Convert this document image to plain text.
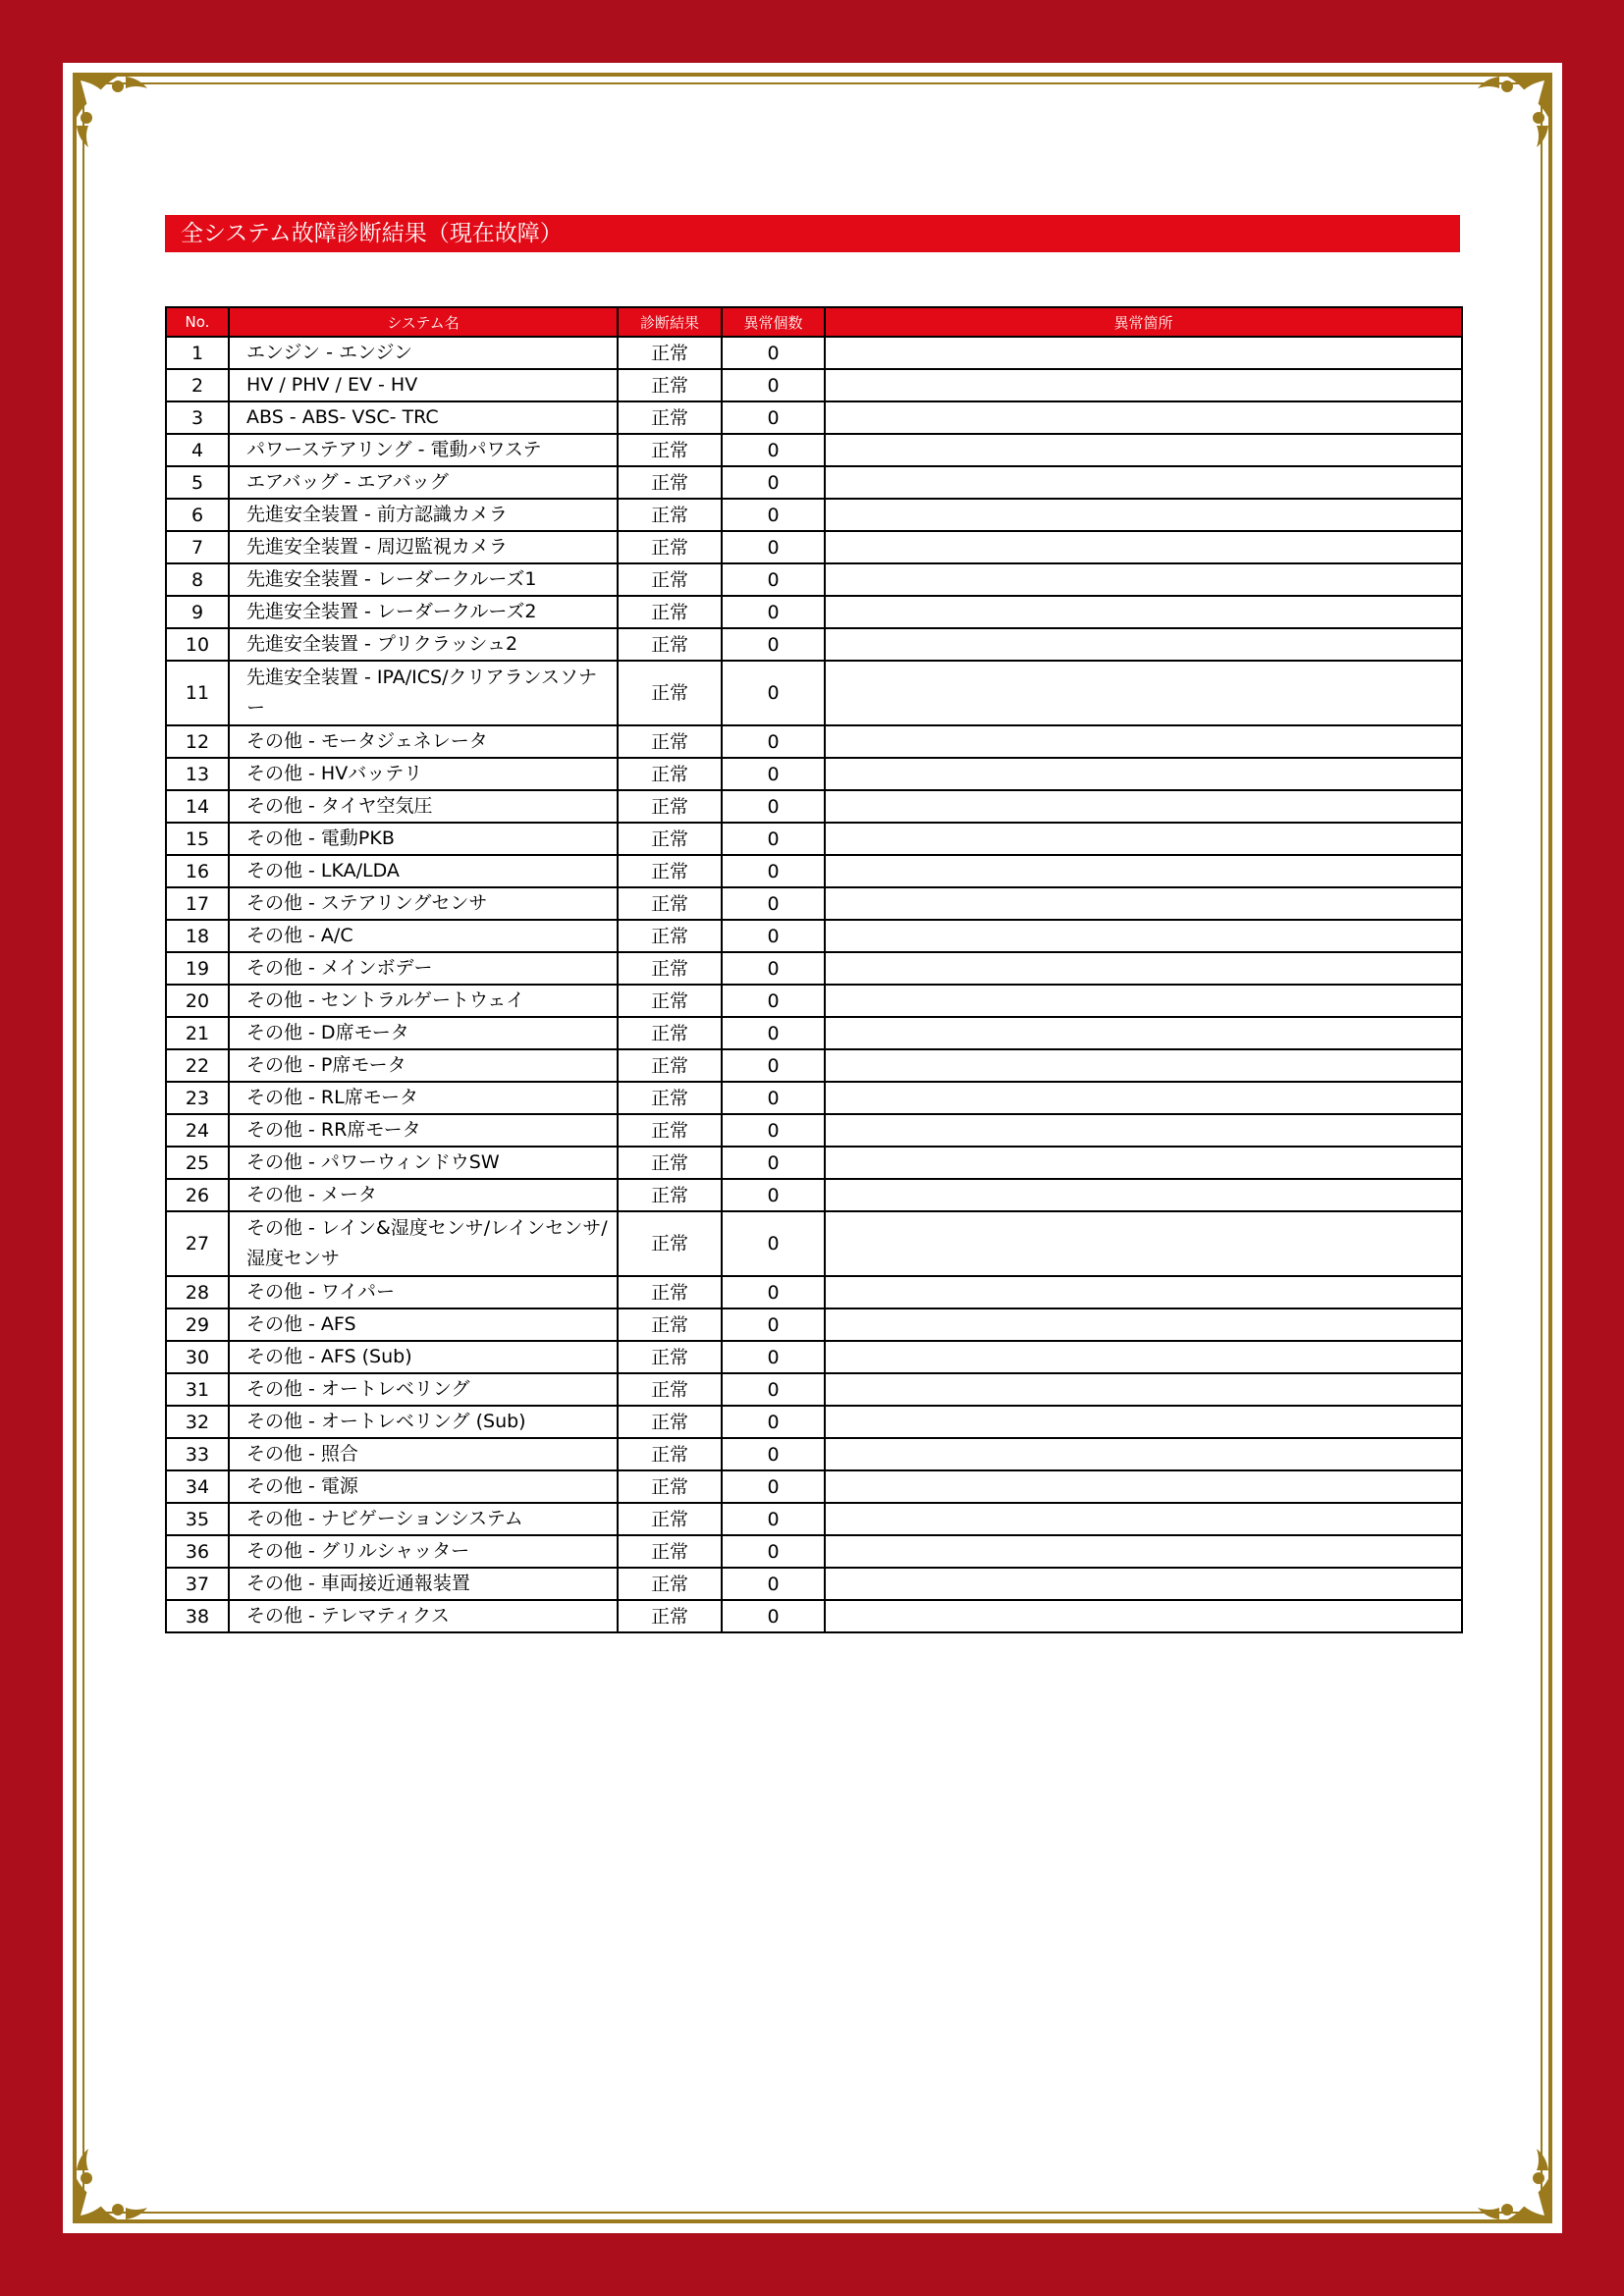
全システム故障診断結果（現在故障）
No.	システム名	診断結果	異常個数	異常箇所
1	エンジン - エンジン	正常	0	
2	HV / PHV / EV - HV	正常	0	
3	ABS - ABS- VSC- TRC	正常	0	
4	パワーステアリング - 電動パワステ	正常	0	
5	エアバッグ - エアバッグ	正常	0	
6	先進安全装置 - 前方認識カメラ	正常	0	
7	先進安全装置 - 周辺監視カメラ	正常	0	
8	先進安全装置 - レーダークルーズ1	正常	0	
9	先進安全装置 - レーダークルーズ2	正常	0	
10	先進安全装置 - プリクラッシュ2	正常	0	
11	先進安全装置 - IPA/ICS/クリアランスソナー	正常	0	
12	その他 - モータジェネレータ	正常	0	
13	その他 - HVバッテリ	正常	0	
14	その他 - タイヤ空気圧	正常	0	
15	その他 - 電動PKB	正常	0	
16	その他 - LKA/LDA	正常	0	
17	その他 - ステアリングセンサ	正常	0	
18	その他 - A/C	正常	0	
19	その他 - メインボデー	正常	0	
20	その他 - セントラルゲートウェイ	正常	0	
21	その他 - D席モータ	正常	0	
22	その他 - P席モータ	正常	0	
23	その他 - RL席モータ	正常	0	
24	その他 - RR席モータ	正常	0	
25	その他 - パワーウィンドウSW	正常	0	
26	その他 - メータ	正常	0	
27	その他 - レイン&湿度センサ/レインセンサ/湿度センサ	正常	0	
28	その他 - ワイパー	正常	0	
29	その他 - AFS	正常	0	
30	その他 - AFS (Sub)	正常	0	
31	その他 - オートレベリング	正常	0	
32	その他 - オートレベリング (Sub)	正常	0	
33	その他 - 照合	正常	0	
34	その他 - 電源	正常	0	
35	その他 - ナビゲーションシステム	正常	0	
36	その他 - グリルシャッター	正常	0	
37	その他 - 車両接近通報装置	正常	0	
38	その他 - テレマティクス	正常	0	
